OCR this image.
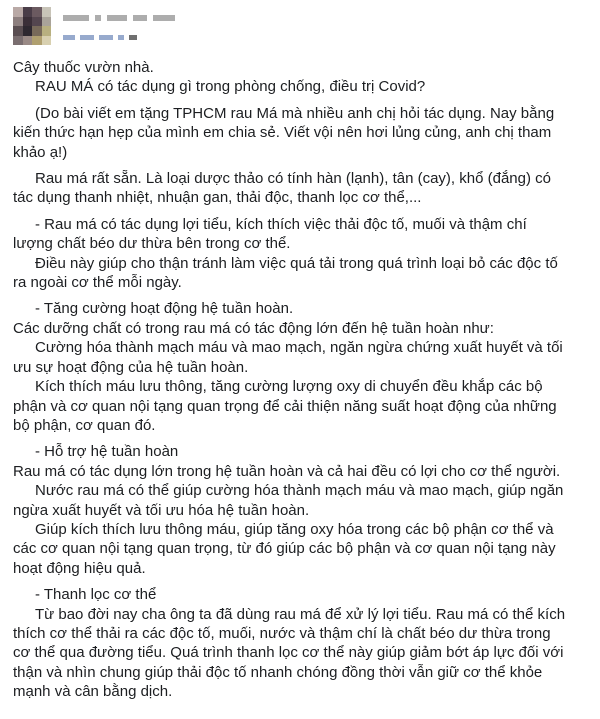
Cây thuốc vườn nhà.
RAU MÁ có tác dụng gì trong phòng chống, điều trị Covid?
(Do bài viết em tặng TPHCM rau Má mà nhiều anh chị hỏi tác dụng. Nay bằng
kiến thức hạn hẹp của mình em chia sẻ. Viết vội nên hơi lủng củng, anh chị tham
khảo ạ!)
Rau má rất sẵn. Là loại dược thảo có tính hàn (lạnh), tân (cay), khổ (đắng) có
tác dụng thanh nhiệt, nhuận gan, thải độc, thanh lọc cơ thể,...
- Rau má có tác dụng lợi tiểu, kích thích việc thải độc tố, muối và thậm chí
lượng chất béo dư thừa bên trong cơ thể.
Điều này giúp cho thận tránh làm việc quá tải trong quá trình loại bỏ các độc tố
ra ngoài cơ thể mỗi ngày.
- Tăng cường hoạt động hệ tuần hoàn.
Các dưỡng chất có trong rau má có tác động lớn đến hệ tuần hoàn như:
Cường hóa thành mạch máu và mao mạch, ngăn ngừa chứng xuất huyết và tối
ưu sự hoạt động của hệ tuần hoàn.
Kích thích máu lưu thông, tăng cường lượng oxy di chuyển đều khắp các bộ
phận và cơ quan nội tạng quan trọng để cải thiện năng suất hoạt động của những
bộ phận, cơ quan đó.
- Hỗ trợ hệ tuần hoàn
Rau má có tác dụng lớn trong hệ tuần hoàn và cả hai đều có lợi cho cơ thể người.
Nước rau má có thể giúp cường hóa thành mạch máu và mao mạch, giúp ngăn
ngừa xuất huyết và tối ưu hóa hệ tuần hoàn.
Giúp kích thích lưu thông máu, giúp tăng oxy hóa trong các bộ phận cơ thể và
các cơ quan nội tạng quan trọng, từ đó giúp các bộ phận và cơ quan nội tạng này
hoạt động hiệu quả.
- Thanh lọc cơ thể
Từ bao đời nay cha ông ta đã dùng rau má để xử lý lợi tiểu. Rau má có thể kích
thích cơ thể thải ra các độc tố, muối, nước và thậm chí là chất béo dư thừa trong
cơ thể qua đường tiểu. Quá trình thanh lọc cơ thể này giúp giảm bớt áp lực đối với
thận và nhìn chung giúp thải độc tố nhanh chóng đồng thời vẫn giữ cơ thể khỏe
mạnh và cân bằng dịch.
